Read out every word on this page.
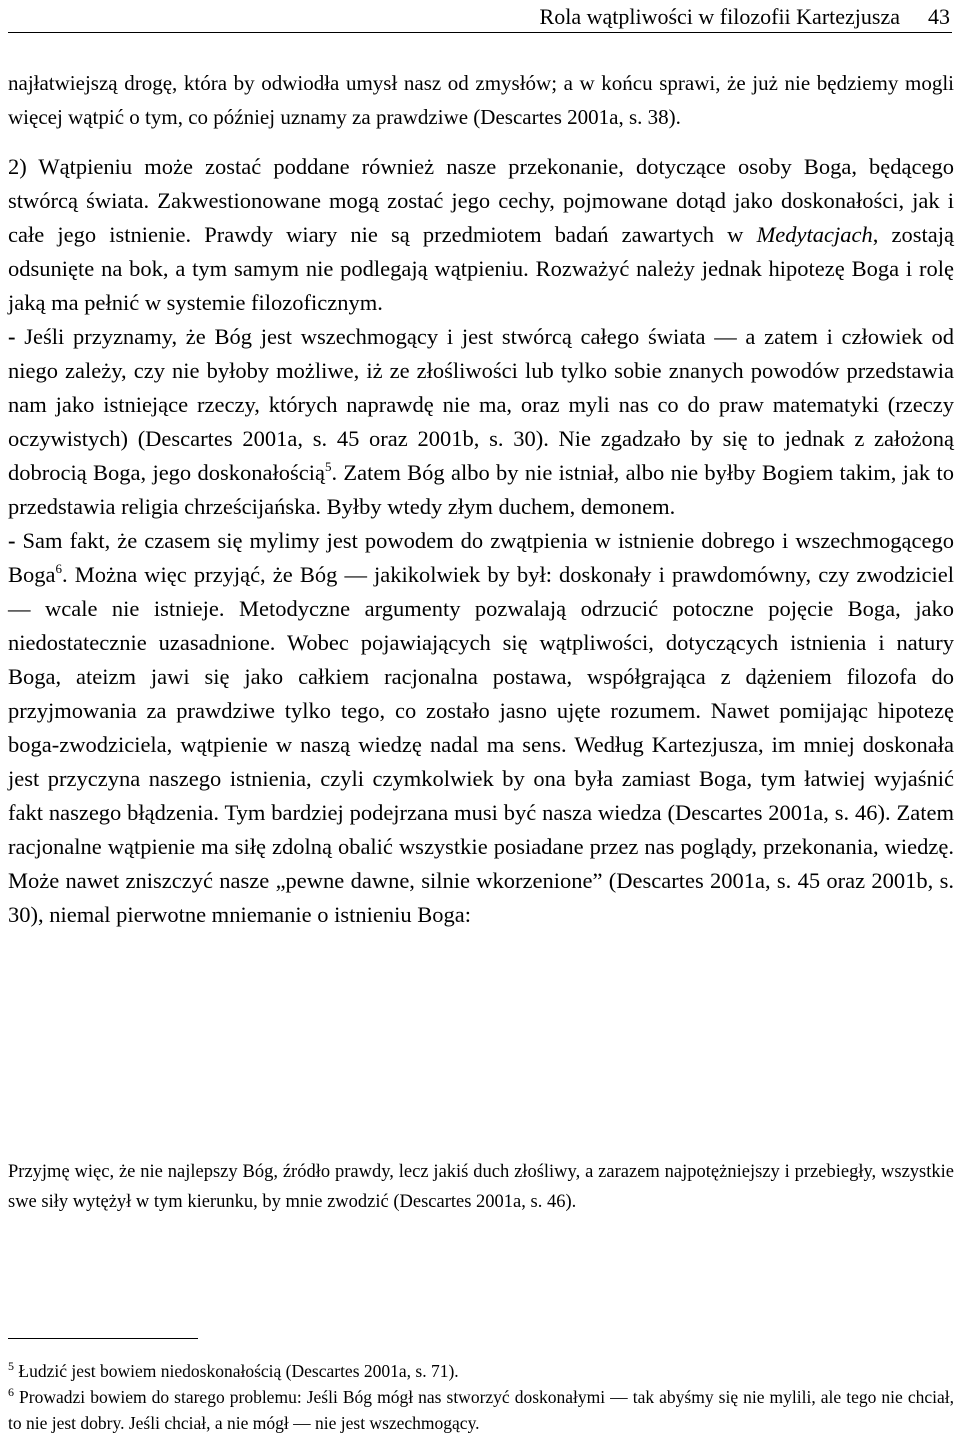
Rola wątpliwości w filozofii Kartezjusza 43

najłatwiejszą drogę, która by odwiodła umysł nasz od zmysłów; a w końcu sprawi, że już nie będziemy mogli więcej wątpić o tym, co później uznamy za prawdziwe (Descartes 2001a, s. 38).

2) Wątpieniu może zostać poddane również nasze przekonanie, dotyczące osoby Boga, będącego stwórcą świata. Zakwestionowane mogą zostać jego cechy, pojmowane dotąd jako doskonałości, jak i całe jego istnienie. Prawdy wiary nie są przedmiotem badań zawartych w Medytacjach, zostają odsunięte na bok, a tym samym nie podlegają wątpieniu. Rozważyć należy jednak hipotezę Boga i rolę jaką ma pełnić w systemie filozoficznym.

- Jeśli przyznamy, że Bóg jest wszechmogący i jest stwórcą całego świata — a zatem i człowiek od niego zależy, czy nie byłoby możliwe, iż ze złośliwości lub tylko sobie znanych powodów przedstawia nam jako istniejące rzeczy, których naprawdę nie ma, oraz myli nas co do praw matematyki (rzeczy oczywistych) (Descartes 2001a, s. 45 oraz 2001b, s. 30). Nie zgadzało by się to jednak z założoną dobrocią Boga, jego doskonałością$^5$. Zatem Bóg albo by nie istniał, albo nie byłby Bogiem takim, jak to przedstawia religia chrześcijańska. Byłby wtedy złym duchem, demonem.

- Sam fakt, że czasem się mylimy jest powodem do zwątpienia w istnienie dobrego i wszechmogącego Boga$^6$. Można więc przyjąć, że Bóg — jakikolwiek by był: doskonały i prawdomówny, czy zwodziciel — wcale nie istnieje. Metodyczne argumenty pozwalają odrzucić potoczne pojęcie Boga, jako niedostatecznie uzasadnione. Wobec pojawiających się wątpliwości, dotyczących istnienia i natury Boga, ateizm jawi się jako całkiem racjonalna postawa, współgrająca z dążeniem filozofa do przyjmowania za prawdziwe tylko tego, co zostało jasno ujęte rozumem. Nawet pomijając hipotezę boga-zwodziciela, wątpienie w naszą wiedzę nadal ma sens. Według Kartezjusza, im mniej doskonała jest przyczyna naszego istnienia, czyli czymkolwiek by ona była zamiast Boga, tym łatwiej wyjaśnić fakt naszego błądzenia. Tym bardziej podejrzana musi być nasza wiedza (Descartes 2001a, s. 46). Zatem racjonalne wątpienie ma siłę zdolną obalić wszystkie posiadane przez nas poglądy, przekonania, wiedzę. Może nawet zniszczyć nasze „pewne dawne, silnie wkorzenione” (Descartes 2001a, s. 45 oraz 2001b, s. 30), niemal pierwotne mniemanie o istnieniu Boga:

Przyjmę więc, że nie najlepszy Bóg, źródło prawdy, lecz jakiś duch złośliwy, a zarazem najpotężniejszy i przebiegły, wszystkie swe siły wytężył w tym kierunku, by mnie zwodzić (Descartes 2001a, s. 46).

$^5$ Łudzić jest bowiem niedoskonałością (Descartes 2001a, s. 71).

$^6$ Prowadzi bowiem do starego problemu: Jeśli Bóg mógł nas stworzyć doskonałymi — tak abyśmy się nie mylili, ale tego nie chciał, to nie jest dobry. Jeśli chciał, a nie mógł — nie jest wszechmogący.
